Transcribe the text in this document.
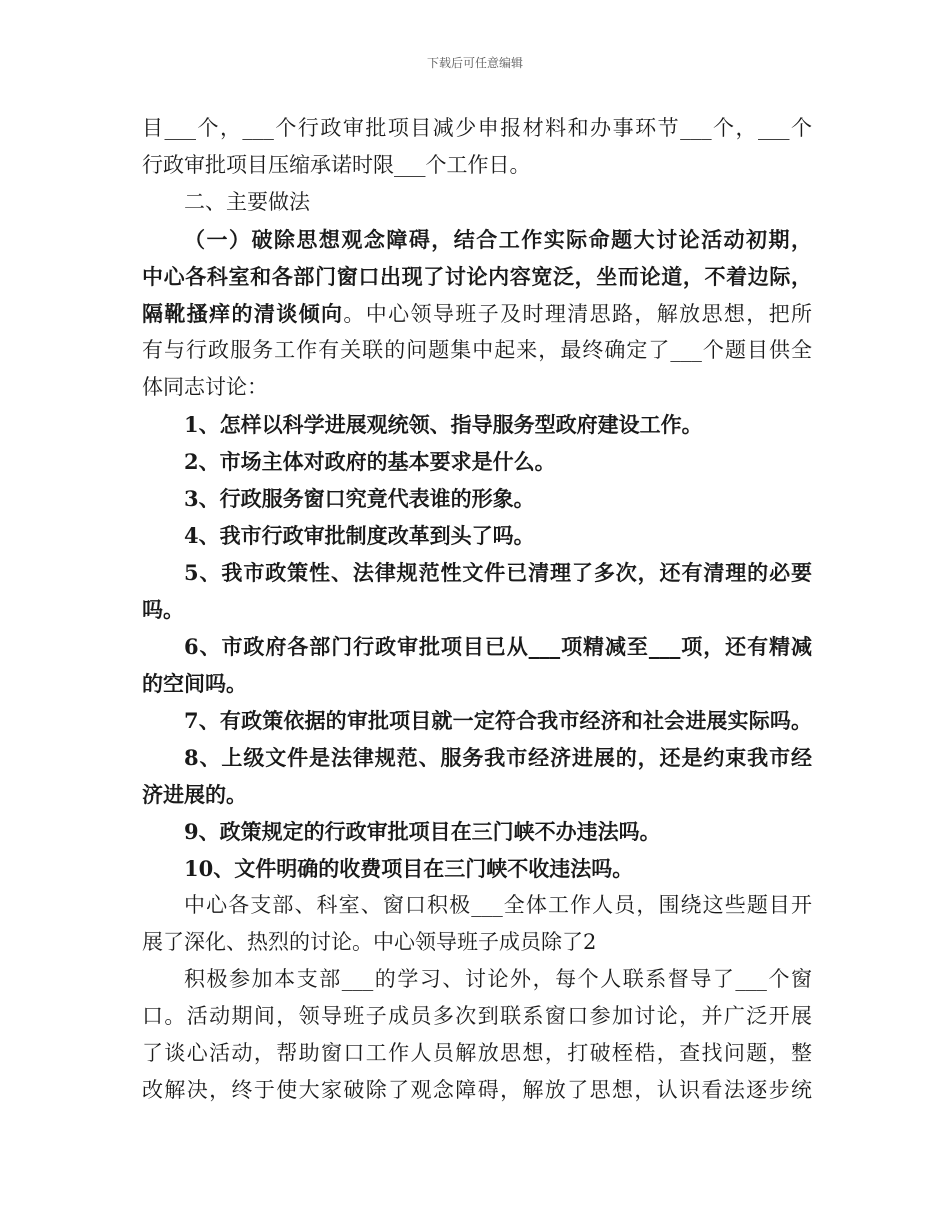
下载后可任意编辑
目___个，___个行政审批项目减少申报材料和办事环节___个，___个
行政审批项目压缩承诺时限___个工作日。
二、主要做法
（一）破除思想观念障碍，结合工作实际命题大讨论活动初期，
中心各科室和各部门窗口出现了讨论内容宽泛，坐而论道，不着边际，
隔靴搔痒的清谈倾向。中心领导班子及时理清思路，解放思想，把所
有与行政服务工作有关联的问题集中起来，最终确定了___个题目供全
体同志讨论：
1、怎样以科学进展观统领、指导服务型政府建设工作。
2、市场主体对政府的基本要求是什么。
3、行政服务窗口究竟代表谁的形象。
4、我市行政审批制度改革到头了吗。
5、我市政策性、法律规范性文件已清理了多次，还有清理的必要
吗。
6、市政府各部门行政审批项目已从___项精减至___项，还有精减
的空间吗。
7、有政策依据的审批项目就一定符合我市经济和社会进展实际吗。
8、上级文件是法律规范、服务我市经济进展的，还是约束我市经
济进展的。
9、政策规定的行政审批项目在三门峡不办违法吗。
10、文件明确的收费项目在三门峡不收违法吗。
中心各支部、科室、窗口积极___全体工作人员，围绕这些题目开
展了深化、热烈的讨论。中心领导班子成员除了2
积极参加本支部___的学习、讨论外，每个人联系督导了___个窗
口。活动期间，领导班子成员多次到联系窗口参加讨论，并广泛开展
了谈心活动，帮助窗口工作人员解放思想，打破桎梏，查找问题，整
改解决，终于使大家破除了观念障碍，解放了思想，认识看法逐步统
